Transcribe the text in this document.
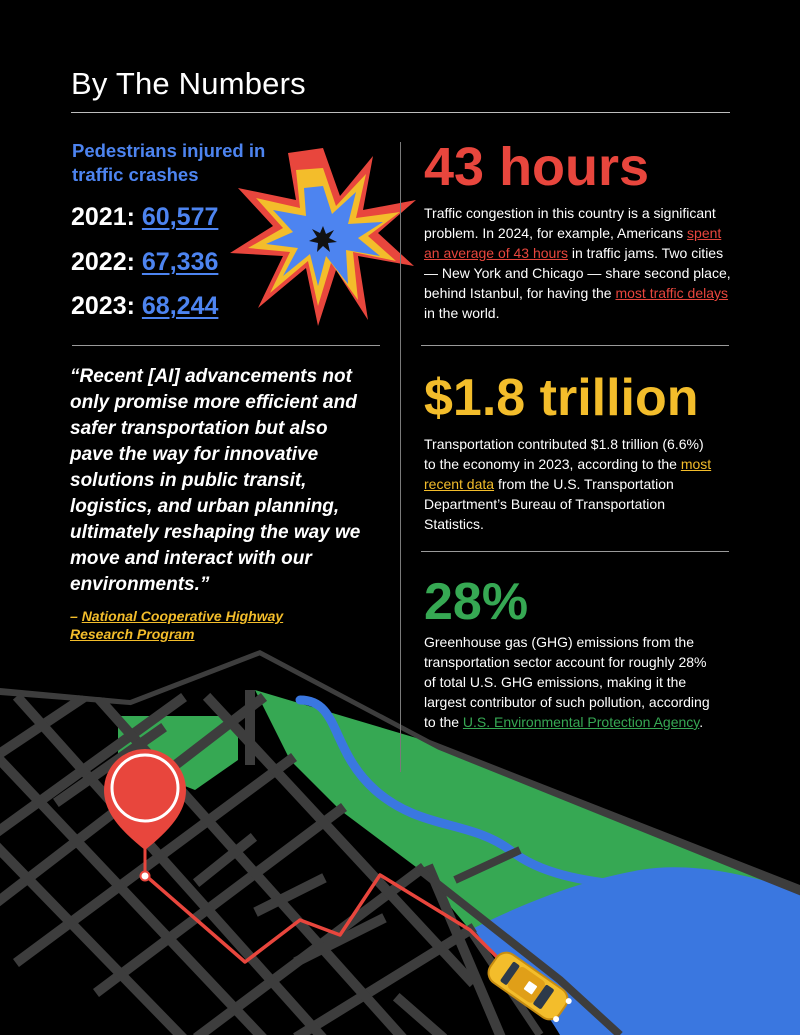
By The Numbers
Pedestrians injured in traffic crashes
2021: 60,577
2022: 67,336
2023: 68,244
“Recent [AI] advancements not only promise more efficient and safer transportation but also pave the way for innovative solutions in public transit, logistics, and urban planning, ultimately reshaping the way we move and interact with our environments.”
– National Cooperative Highway Research Program
43 hours
Traffic congestion in this country is a significant problem. In 2024, for example, Americans spent an average of 43 hours in traffic jams. Two cities — New York and Chicago — share second place, behind Istanbul, for having the most traffic delays in the world.
$1.8 trillion
Transportation contributed $1.8 trillion (6.6%) to the economy in 2023, according to the most recent data from the U.S. Transportation Department’s Bureau of Transportation Statistics.
28%
Greenhouse gas (GHG) emissions from the transportation sector account for roughly 28% of total U.S. GHG emissions, making it the largest contributor of such pollution, according to the U.S. Environmental Protection Agency.
